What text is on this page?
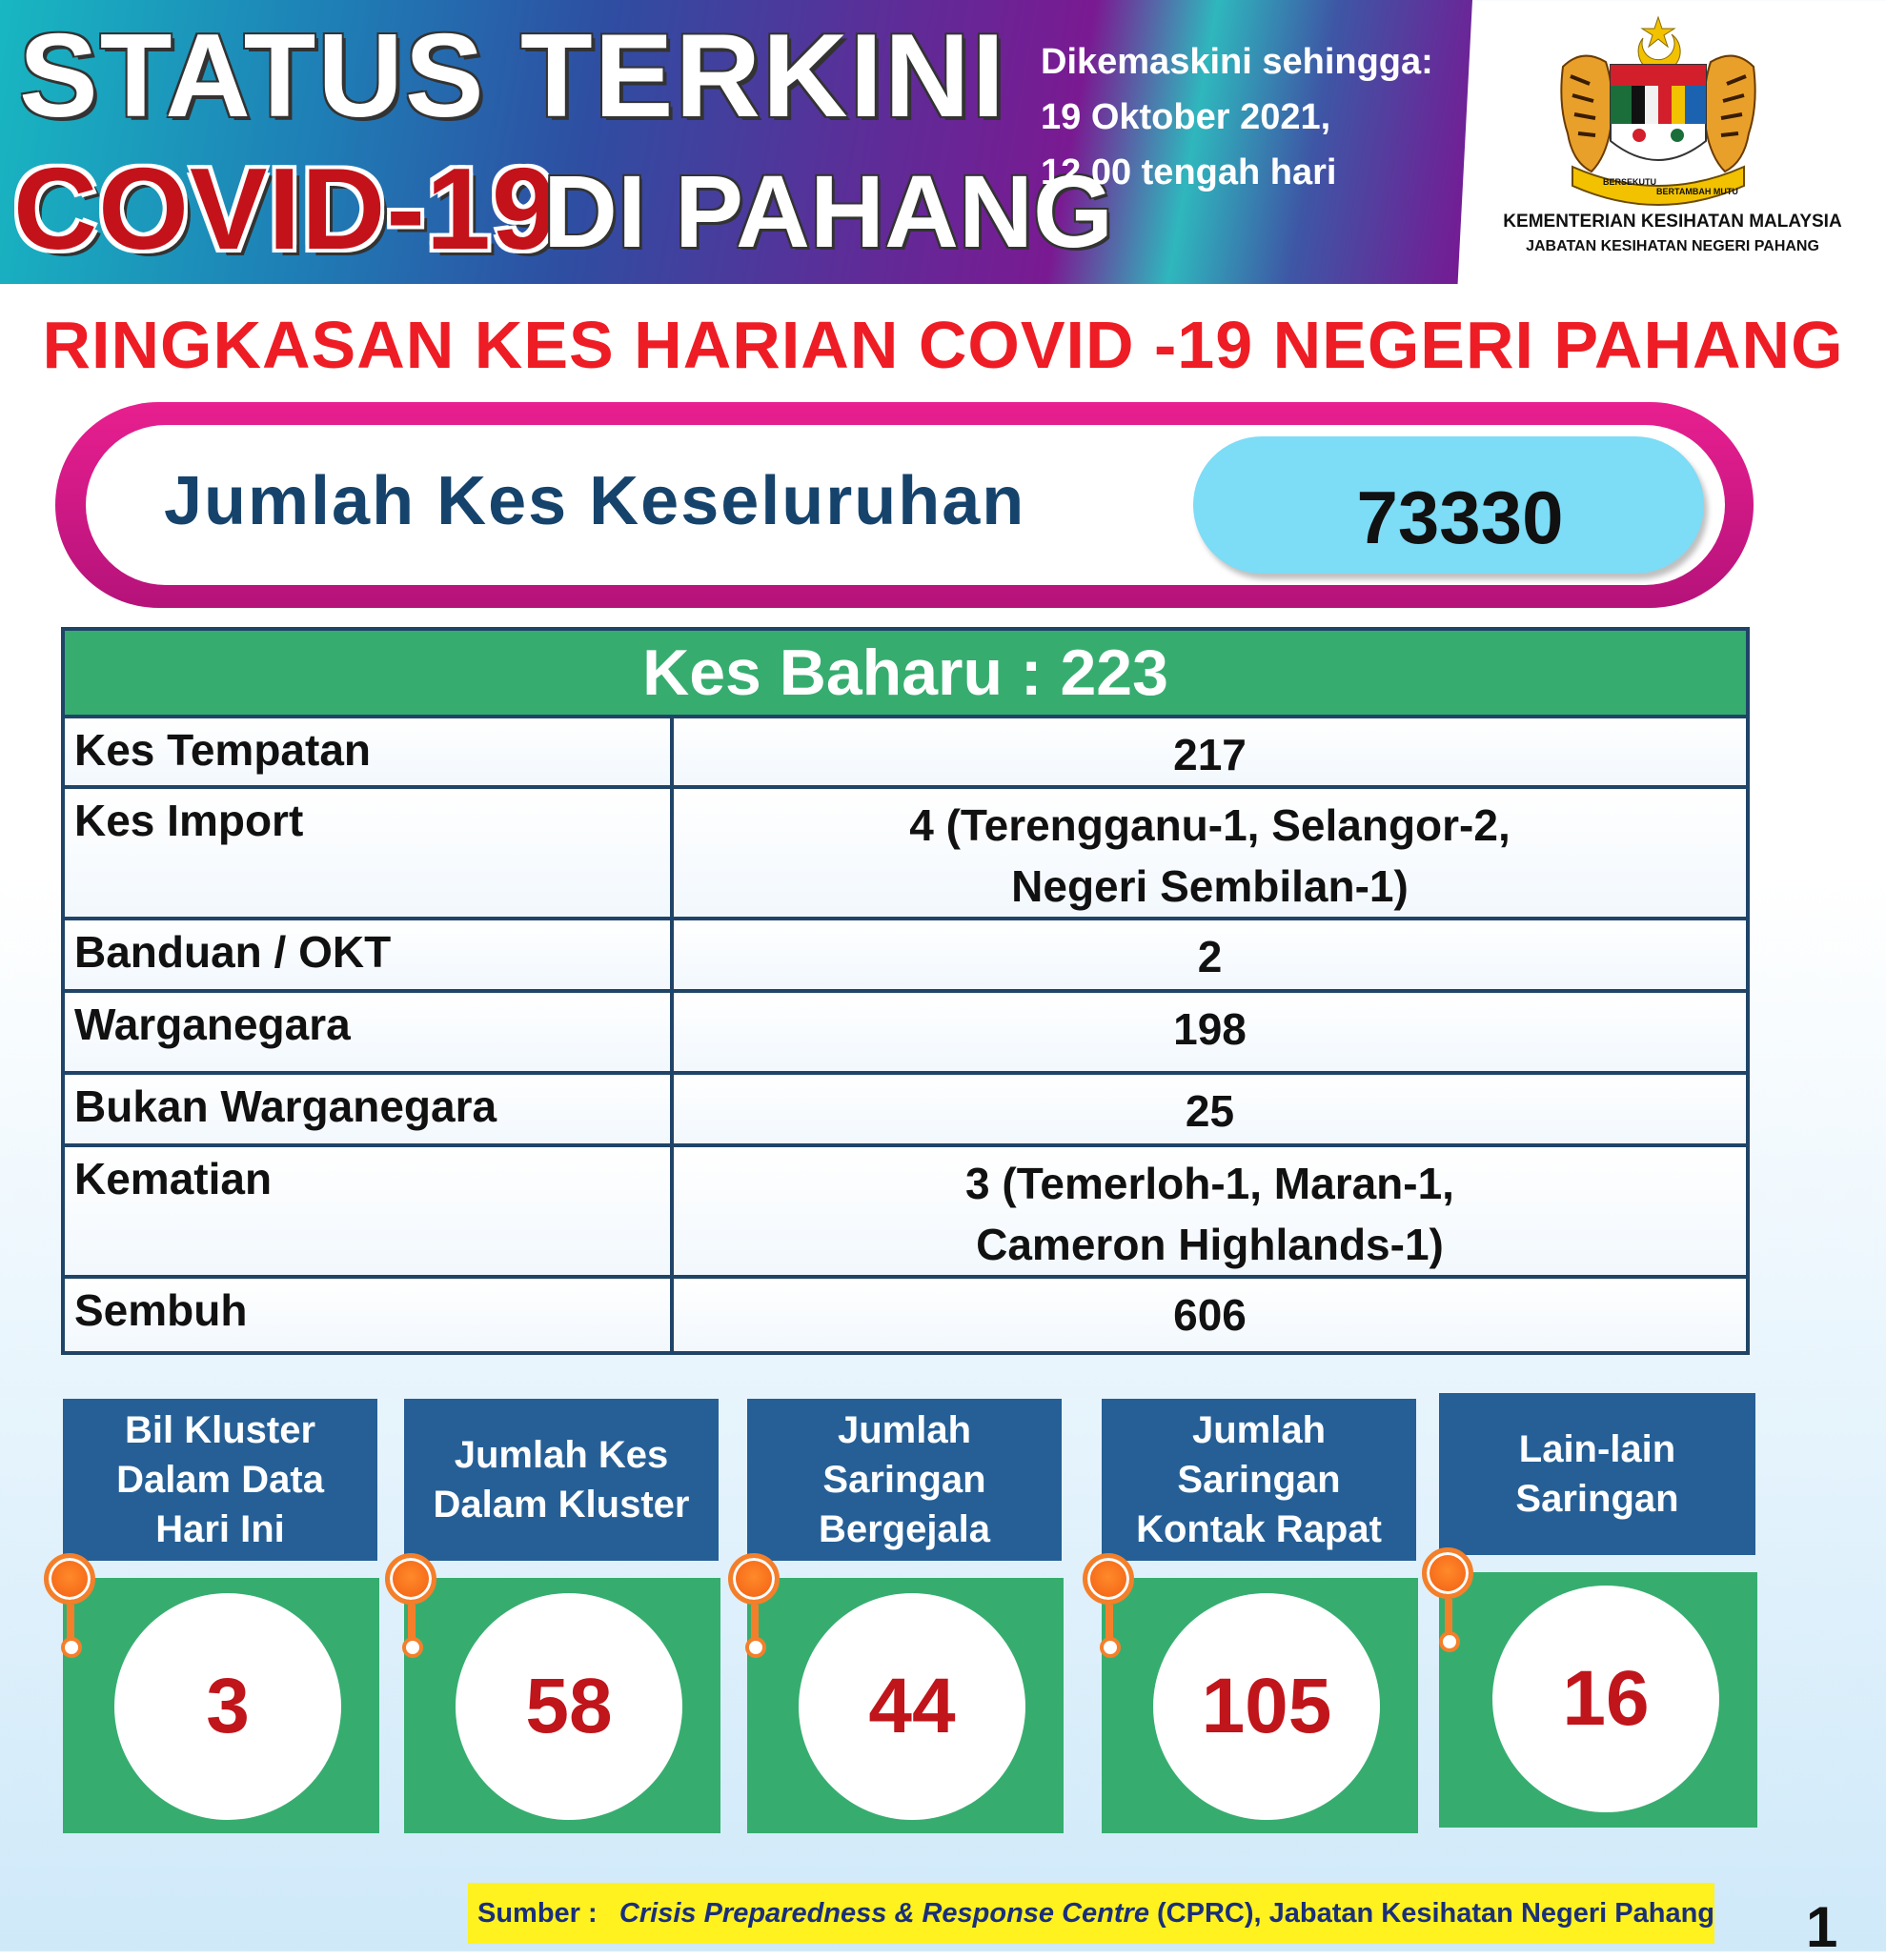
STATUS TERKINI
COVID-19
DI PAHANG
Dikemaskini sehingga:
19 Oktober 2021,
12.00 tengah hari	BERSEKUTU
BERTAMBAH MUTU
KEMENTERIAN KESIHATAN MALAYSIA
JABATAN KESIHATAN NEGERI PAHANG
RINGKASAN KES HARIAN COVID -19 NEGERI PAHANG
Jumlah Kes Keseluruhan	73330
Kes Baharu : 223	
Kes Tempatan	217

Kes Import	4 (Terengganu-1, Selangor-2,
Negeri Sembilan-1)

Banduan / OKT	2

Warganegara	198

Bukan Warganegara	25

Kematian	3 (Temerloh-1, Maran-1,
Cameron Highlands-1)

Sembuh	606
Bil Kluster
Dalam Data
Hari Ini
3
Jumlah Kes
Dalam Kluster
58
Jumlah
Saringan
Bergejala
44
Jumlah
Saringan
Kontak Rapat
105
Lain-lain
Saringan
16
Sumber : Crisis Preparedness & Response Centre (CPRC), Jabatan Kesihatan Negeri Pahang 1
